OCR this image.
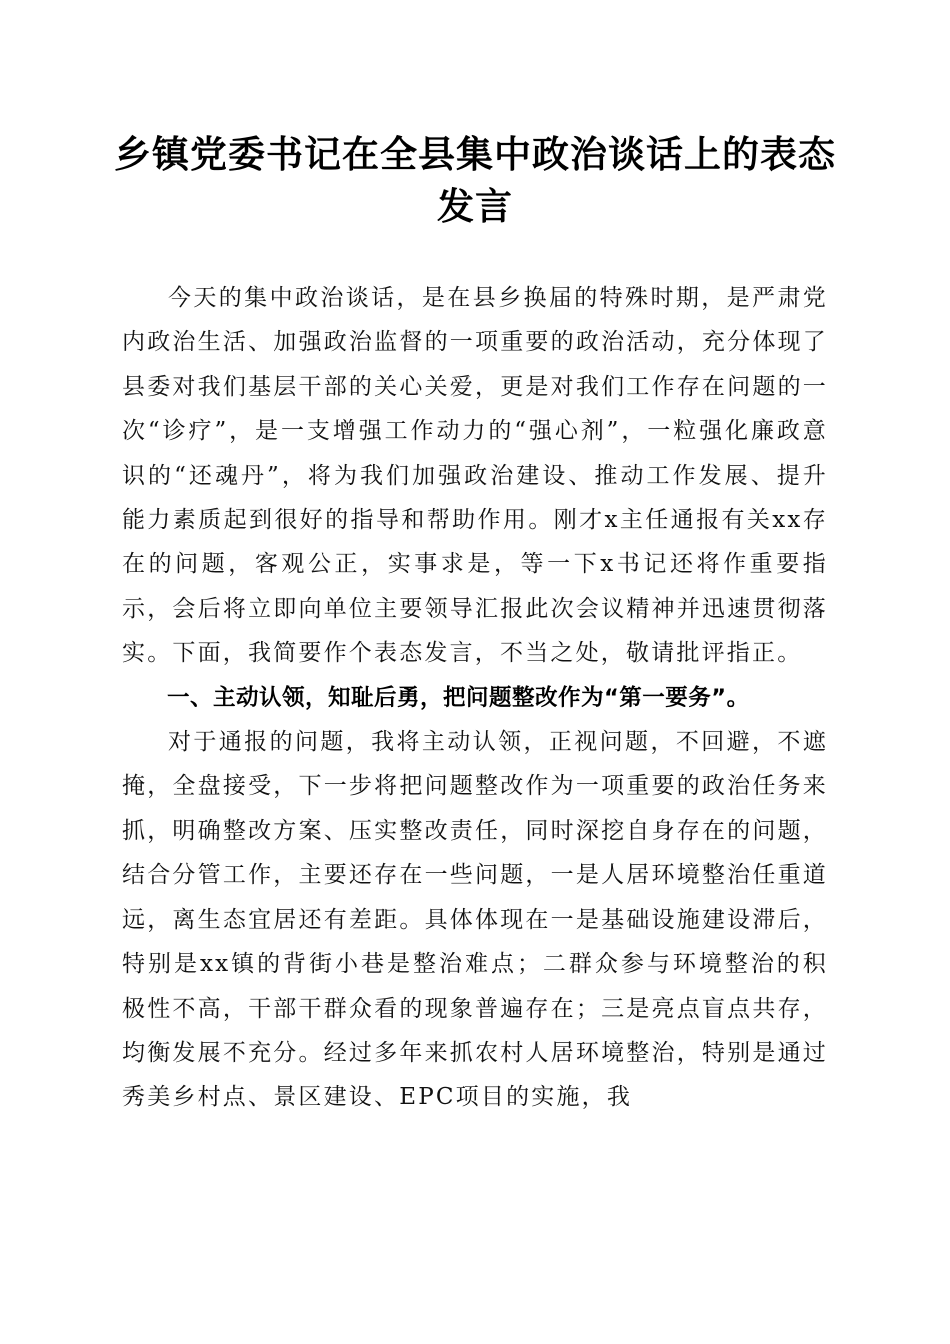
乡镇党委书记在全县集中政治谈话上的表态发言

今天的集中政治谈话，是在县乡换届的特殊时期，是严肃党内政治生活、加强政治监督的一项重要的政治活动，充分体现了县委对我们基层干部的关心关爱，更是对我们工作存在问题的一次“诊疗”，是一支增强工作动力的“强心剂”，一粒强化廉政意识的“还魂丹”，将为我们加强政治建设、推动工作发展、提升能力素质起到很好的指导和帮助作用。刚才x主任通报有关xx存在的问题，客观公正，实事求是，等一下x书记还将作重要指示，会后将立即向单位主要领导汇报此次会议精神并迅速贯彻落实。下面，我简要作个表态发言，不当之处，敬请批评指正。

一、主动认领，知耻后勇，把问题整改作为“第一要务”。

对于通报的问题，我将主动认领，正视问题，不回避，不遮掩，全盘接受，下一步将把问题整改作为一项重要的政治任务来抓，明确整改方案、压实整改责任，同时深挖自身存在的问题，结合分管工作，主要还存在一些问题，一是人居环境整治任重道远，离生态宜居还有差距。具体体现在一是基础设施建设滞后，特别是xx镇的背街小巷是整治难点；二群众参与环境整治的积极性不高，干部干群众看的现象普遍存在；三是亮点盲点共存，均衡发展不充分。经过多年来抓农村人居环境整治，特别是通过秀美乡村点、景区建设、EPC项目的实施，我
